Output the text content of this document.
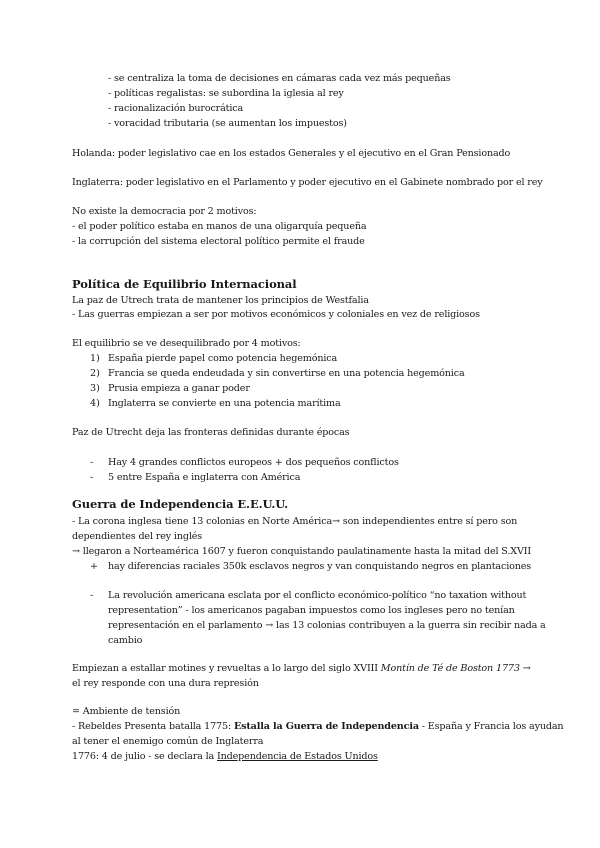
- se centraliza la toma de decisiones en cámaras cada vez más pequeñas
- políticas regalistas: se subordina la iglesia al rey
- racionalización burocrática
- voracidad tributaria (se aumentan los impuestos)
Holanda: poder legislativo cae en los estados Generales y el ejecutivo en el Gran Pensionado
Inglaterra: poder legislativo en el Parlamento y poder ejecutivo en el Gabinete nombrado por el rey
No existe la democracia por 2 motivos:
- el poder político estaba en manos de una oligarquía pequeña
- la corrupción del sistema electoral político permite el fraude
Política de Equilibrio Internacional
La paz de Utrech trata de mantener los principios de Westfalia
- Las guerras empiezan a ser por motivos económicos y coloniales en vez de religiosos
El equilibrio se ve desequilibrado por 4 motivos:
1) España pierde papel como potencia hegemónica
2) Francia se queda endeudada y sin convertirse en una potencia hegemónica
3) Prusia empieza a ganar poder
4) Inglaterra se convierte en una potencia marítima
Paz de Utrecht deja las fronteras definidas durante épocas
- Hay 4 grandes conflictos europeos + dos pequeños conflictos
- 5 entre España e inglaterra con América
Guerra de Independencia E.E.U.U.
- La corona inglesa tiene 13 colonias en Norte América→ son independientes entre sí pero son
dependientes del rey inglés
→ llegaron a Norteamérica 1607 y fueron conquistando paulatinamente hasta la mitad del S.XVII
+ hay diferencias raciales 350k esclavos negros y van conquistando negros en plantaciones
- La revolución americana esclata por el conflicto económico-político “no taxation without
representation” - los americanos pagaban impuestos como los ingleses pero no tenían
representación en el parlamento → las 13 colonias contribuyen a la guerra sin recibir nada a
cambio
Empiezan a estallar motines y revueltas a lo largo del siglo XVIII Montín de Té de Boston 1773 →
el rey responde con una dura represión
= Ambiente de tensión
- Rebeldes Presenta batalla 1775: Estalla la Guerra de Independencia - España y Francia los ayudan
al tener el enemigo común de Inglaterra
1776: 4 de julio - se declara la Independencia de Estados Unidos
